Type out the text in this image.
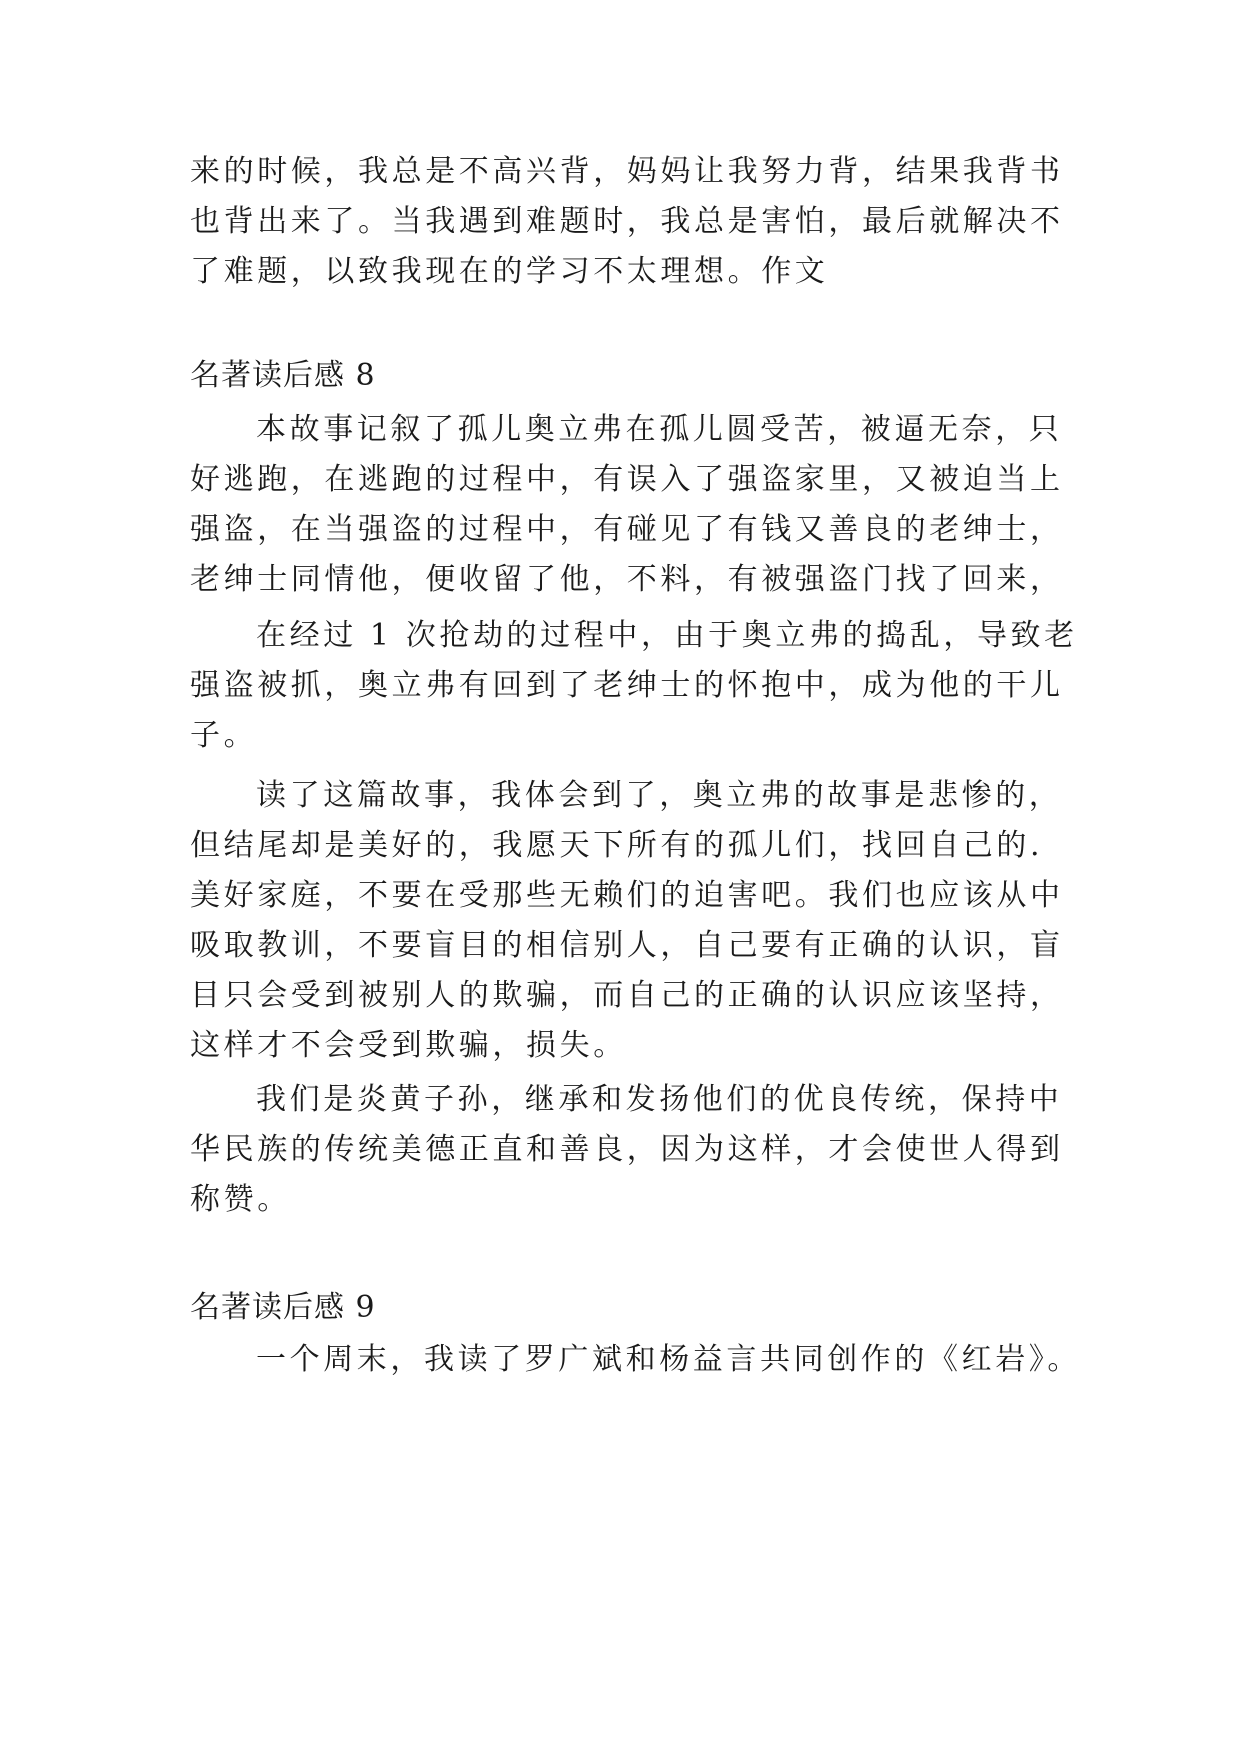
来的时候，我总是不高兴背，妈妈让我努力背，结果我背书
也背出来了。当我遇到难题时，我总是害怕，最后就解决不
了难题，以致我现在的学习不太理想。作文
名著读后感 8
本故事记叙了孤儿奥立弗在孤儿圆受苦，被逼无奈，只
好逃跑，在逃跑的过程中，有误入了强盗家里，又被迫当上
强盗，在当强盗的过程中，有碰见了有钱又善良的老绅士，
老绅士同情他，便收留了他，不料，有被强盗门找了回来，
在经过 1 次抢劫的过程中，由于奥立弗的捣乱，导致老
强盗被抓，奥立弗有回到了老绅士的怀抱中，成为他的干儿
子。
读了这篇故事，我体会到了，奥立弗的故事是悲惨的，
但结尾却是美好的，我愿天下所有的孤儿们，找回自己的.
美好家庭，不要在受那些无赖们的迫害吧。我们也应该从中
吸取教训，不要盲目的相信别人，自己要有正确的认识，盲
目只会受到被别人的欺骗，而自己的正确的认识应该坚持，
这样才不会受到欺骗，损失。
我们是炎黄子孙，继承和发扬他们的优良传统，保持中
华民族的传统美德正直和善良，因为这样，才会使世人得到
称赞。
名著读后感 9
一个周末，我读了罗广斌和杨益言共同创作的《红岩》。
